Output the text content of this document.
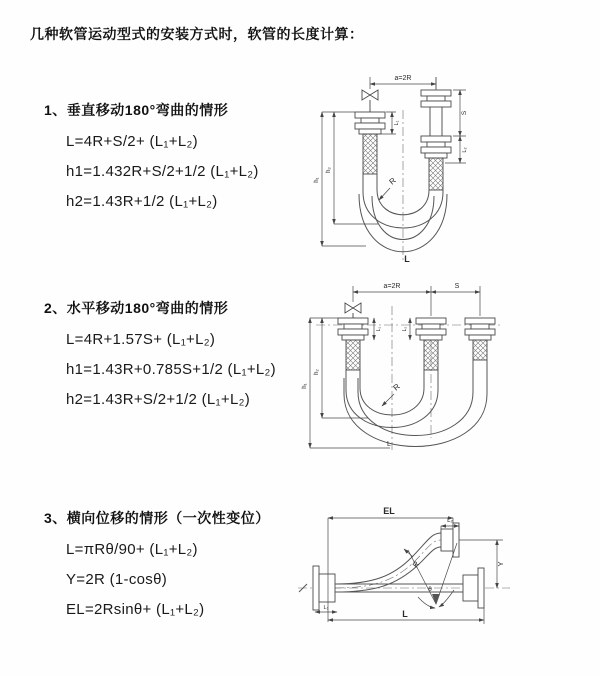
几种软管运动型式的安装方式时，软管的长度计算：

1、垂直移动180°弯曲的情形

L=4R+S/2+ (L₁+L₂)

h1=1.432R+S/2+1/2 (L₁+L₂)

h2=1.43R+1/2 (L₁+L₂)

a=2R
L₁
S
L₂
h₁
h₂
R
L

2、水平移动180°弯曲的情形

L=4R+1.57S+ (L₁+L₂)

h1=1.43R+0.785S+1/2 (L₁+L₂)

h2=1.43R+S/2+1/2 (L₁+L₂)

a=2R	S
L₁	L₂
h₁
h₂
R
L

3、横向位移的情形（一次性变位）

L=πRθ/90+ (L₁+L₂)

Y=2R (1-cosθ)

EL=2Rsinθ+ (L₁+L₂)

EL
L₂
Y
θ
R
L₁
L
